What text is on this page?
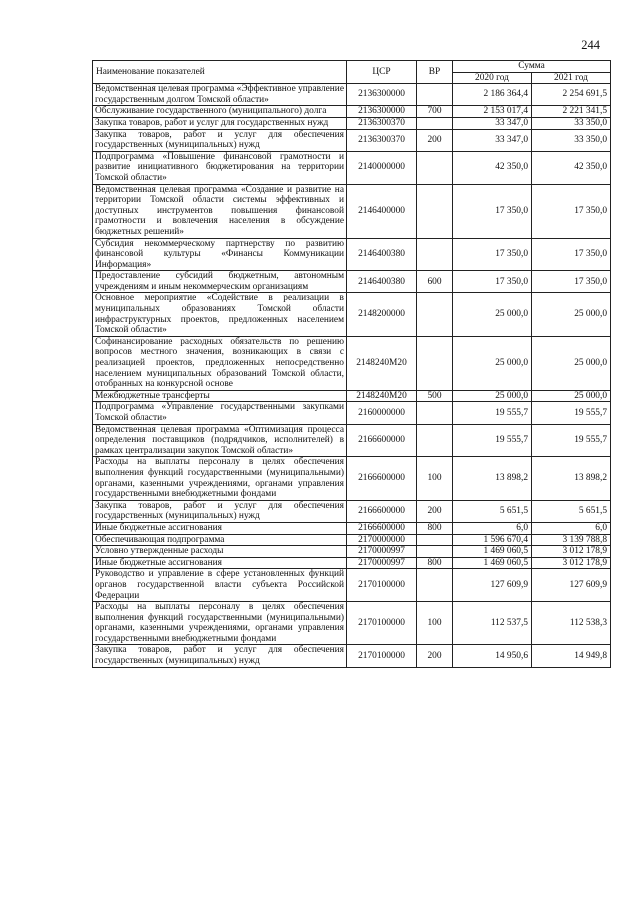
244
Наименование показателей	ЦСР	ВР	Сумма	
			2020 год	2021 год
Ведомственная целевая программа «Эффективное управление государственным долгом Томской области»	2136300000		2 186 364,4	2 254 691,5
Обслуживание государственного (муниципального) долга	2136300000	700	2 153 017,4	2 221 341,5
Закупка товаров, работ и услуг для государственных нужд	2136300370		33 347,0	33 350,0
Закупка товаров, работ и услуг для обеспечения государственных (муниципальных) нужд	2136300370	200	33 347,0	33 350,0
Подпрограмма «Повышение финансовой грамотности и развитие инициативного бюджетирования на территории Томской области»	2140000000		42 350,0	42 350,0
Ведомственная целевая программа «Создание и развитие на территории Томской области системы эффективных и доступных инструментов повышения финансовой грамотности и вовлечения населения в обсуждение бюджетных решений»	2146400000		17 350,0	17 350,0
Субсидия некоммерческому партнерству по развитию финансовой культуры «Финансы Коммуникации Информация»	2146400380		17 350,0	17 350,0
Предоставление субсидий бюджетным, автономным учреждениям и иным некоммерческим организациям	2146400380	600	17 350,0	17 350,0
Основное мероприятие «Содействие в реализации в муниципальных образованиях Томской области инфраструктурных проектов, предложенных населением Томской области»	2148200000		25 000,0	25 000,0
Софинансирование расходных обязательств по решению вопросов местного значения, возникающих в связи с реализацией проектов, предложенных непосредственно населением муниципальных образований Томской области, отобранных на конкурсной основе	2148240М20		25 000,0	25 000,0
Межбюджетные трансферты	2148240М20	500	25 000,0	25 000,0
Подпрограмма «Управление государственными закупками Томской области»	2160000000		19 555,7	19 555,7
Ведомственная целевая программа «Оптимизация процесса определения поставщиков (подрядчиков, исполнителей) в рамках централизации закупок Томской области»	2166600000		19 555,7	19 555,7
Расходы на выплаты персоналу в целях обеспечения выполнения функций государственными (муниципальными) органами, казенными учреждениями, органами управления государственными внебюджетными фондами	2166600000	100	13 898,2	13 898,2
Закупка товаров, работ и услуг для обеспечения государственных (муниципальных) нужд	2166600000	200	5 651,5	5 651,5
Иные бюджетные ассигнования	2166600000	800	6,0	6,0
Обеспечивающая подпрограмма	2170000000		1 596 670,4	3 139 788,8
Условно утвержденные расходы	2170000997		1 469 060,5	3 012 178,9
Иные бюджетные ассигнования	2170000997	800	1 469 060,5	3 012 178,9
Руководство и управление в сфере установленных функций органов государственной власти субъекта Российской Федерации	2170100000		127 609,9	127 609,9
Расходы на выплаты персоналу в целях обеспечения выполнения функций государственными (муниципальными) органами, казенными учреждениями, органами управления государственными внебюджетными фондами	2170100000	100	112 537,5	112 538,3
Закупка товаров, работ и услуг для обеспечения государственных (муниципальных) нужд	2170100000	200	14 950,6	14 949,8
